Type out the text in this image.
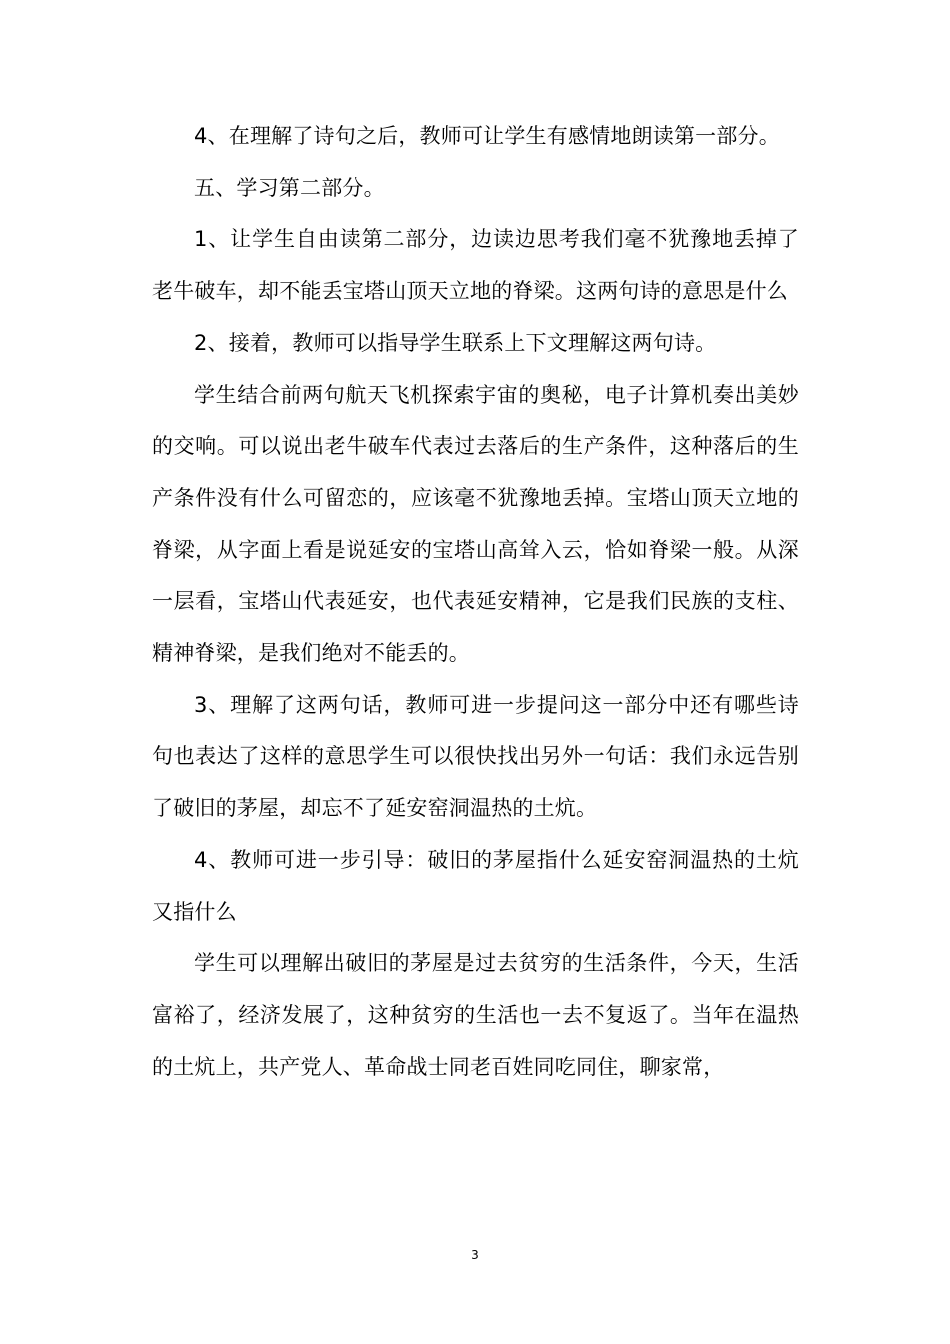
4、在理解了诗句之后，教师可让学生有感情地朗读第一部分。

五、学习第二部分。

1、让学生自由读第二部分，边读边思考我们毫不犹豫地丢掉了老牛破车，却不能丢宝塔山顶天立地的脊梁。这两句诗的意思是什么

2、接着，教师可以指导学生联系上下文理解这两句诗。

学生结合前两句航天飞机探索宇宙的奥秘，电子计算机奏出美妙的交响。可以说出老牛破车代表过去落后的生产条件，这种落后的生产条件没有什么可留恋的，应该毫不犹豫地丢掉。宝塔山顶天立地的脊梁，从字面上看是说延安的宝塔山高耸入云，恰如脊梁一般。从深一层看，宝塔山代表延安，也代表延安精神，它是我们民族的支柱、精神脊梁，是我们绝对不能丢的。

3、理解了这两句话，教师可进一步提问这一部分中还有哪些诗句也表达了这样的意思学生可以很快找出另外一句话：我们永远告别了破旧的茅屋，却忘不了延安窑洞温热的土炕。

4、教师可进一步引导：破旧的茅屋指什么延安窑洞温热的土炕又指什么

学生可以理解出破旧的茅屋是过去贫穷的生活条件，今天，生活富裕了，经济发展了，这种贫穷的生活也一去不复返了。当年在温热的土炕上，共产党人、革命战士同老百姓同吃同住，聊家常，

3
